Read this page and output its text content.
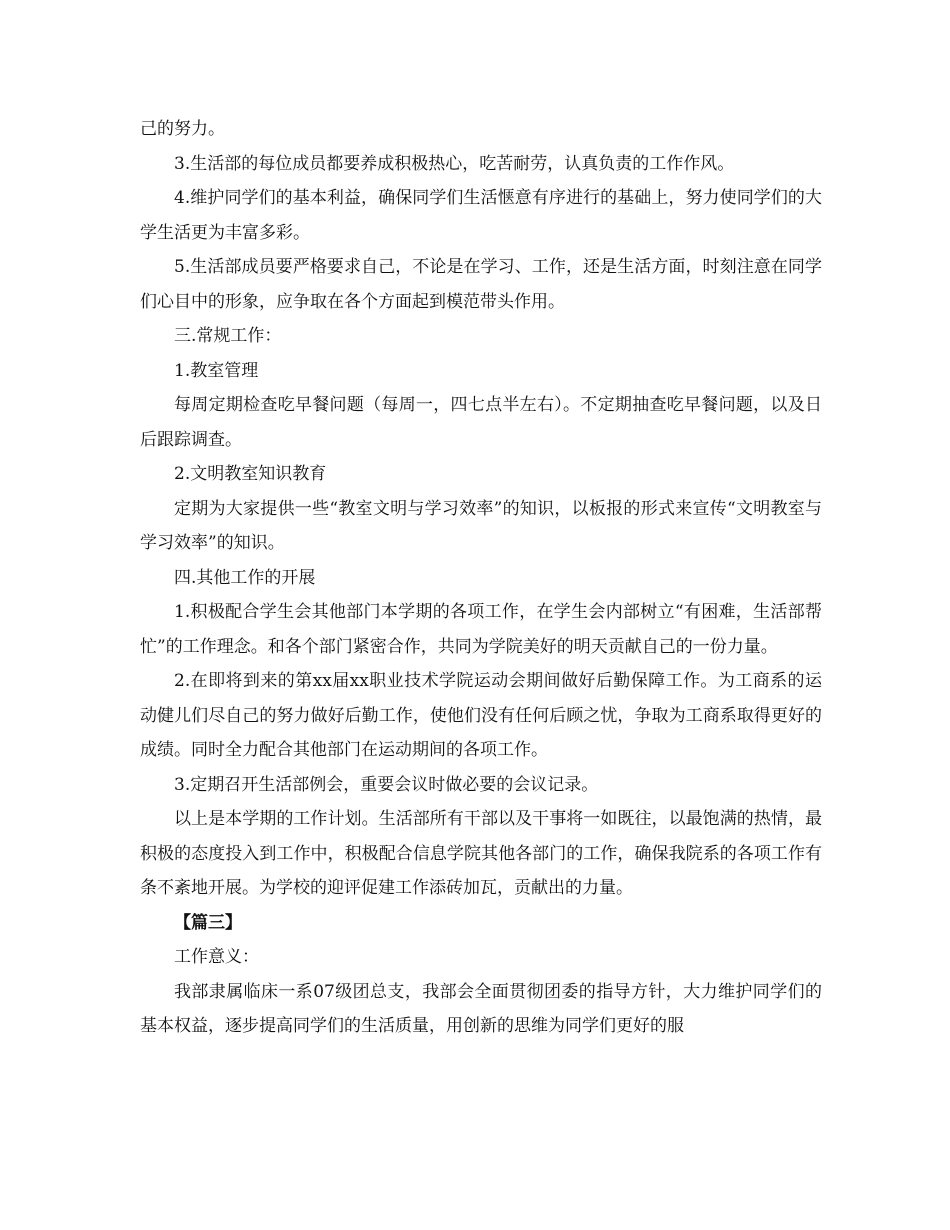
己的努力。

3.生活部的每位成员都要养成积极热心，吃苦耐劳，认真负责的工作作风。

4.维护同学们的基本利益，确保同学们生活惬意有序进行的基础上，努力使同学们的大学生活更为丰富多彩。

5.生活部成员要严格要求自己，不论是在学习、工作，还是生活方面，时刻注意在同学们心目中的形象，应争取在各个方面起到模范带头作用。

三.常规工作：

1.教室管理

每周定期检查吃早餐问题（每周一，四七点半左右）。不定期抽查吃早餐问题，以及日后跟踪调查。

2.文明教室知识教育

定期为大家提供一些“教室文明与学习效率”的知识，以板报的形式来宣传“文明教室与学习效率”的知识。

四.其他工作的开展

1.积极配合学生会其他部门本学期的各项工作，在学生会内部树立“有困难，生活部帮忙”的工作理念。和各个部门紧密合作，共同为学院美好的明天贡献自己的一份力量。

2.在即将到来的第xx届xx职业技术学院运动会期间做好后勤保障工作。为工商系的运动健儿们尽自己的努力做好后勤工作，使他们没有任何后顾之忧，争取为工商系取得更好的成绩。同时全力配合其他部门在运动期间的各项工作。

3.定期召开生活部例会，重要会议时做必要的会议记录。

以上是本学期的工作计划。生活部所有干部以及干事将一如既往，以最饱满的热情，最积极的态度投入到工作中，积极配合信息学院其他各部门的工作，确保我院系的各项工作有条不紊地开展。为学校的迎评促建工作添砖加瓦，贡献出的力量。

【篇三】

工作意义：

我部隶属临床一系07级团总支，我部会全面贯彻团委的指导方针，大力维护同学们的基本权益，逐步提高同学们的生活质量，用创新的思维为同学们更好的服
